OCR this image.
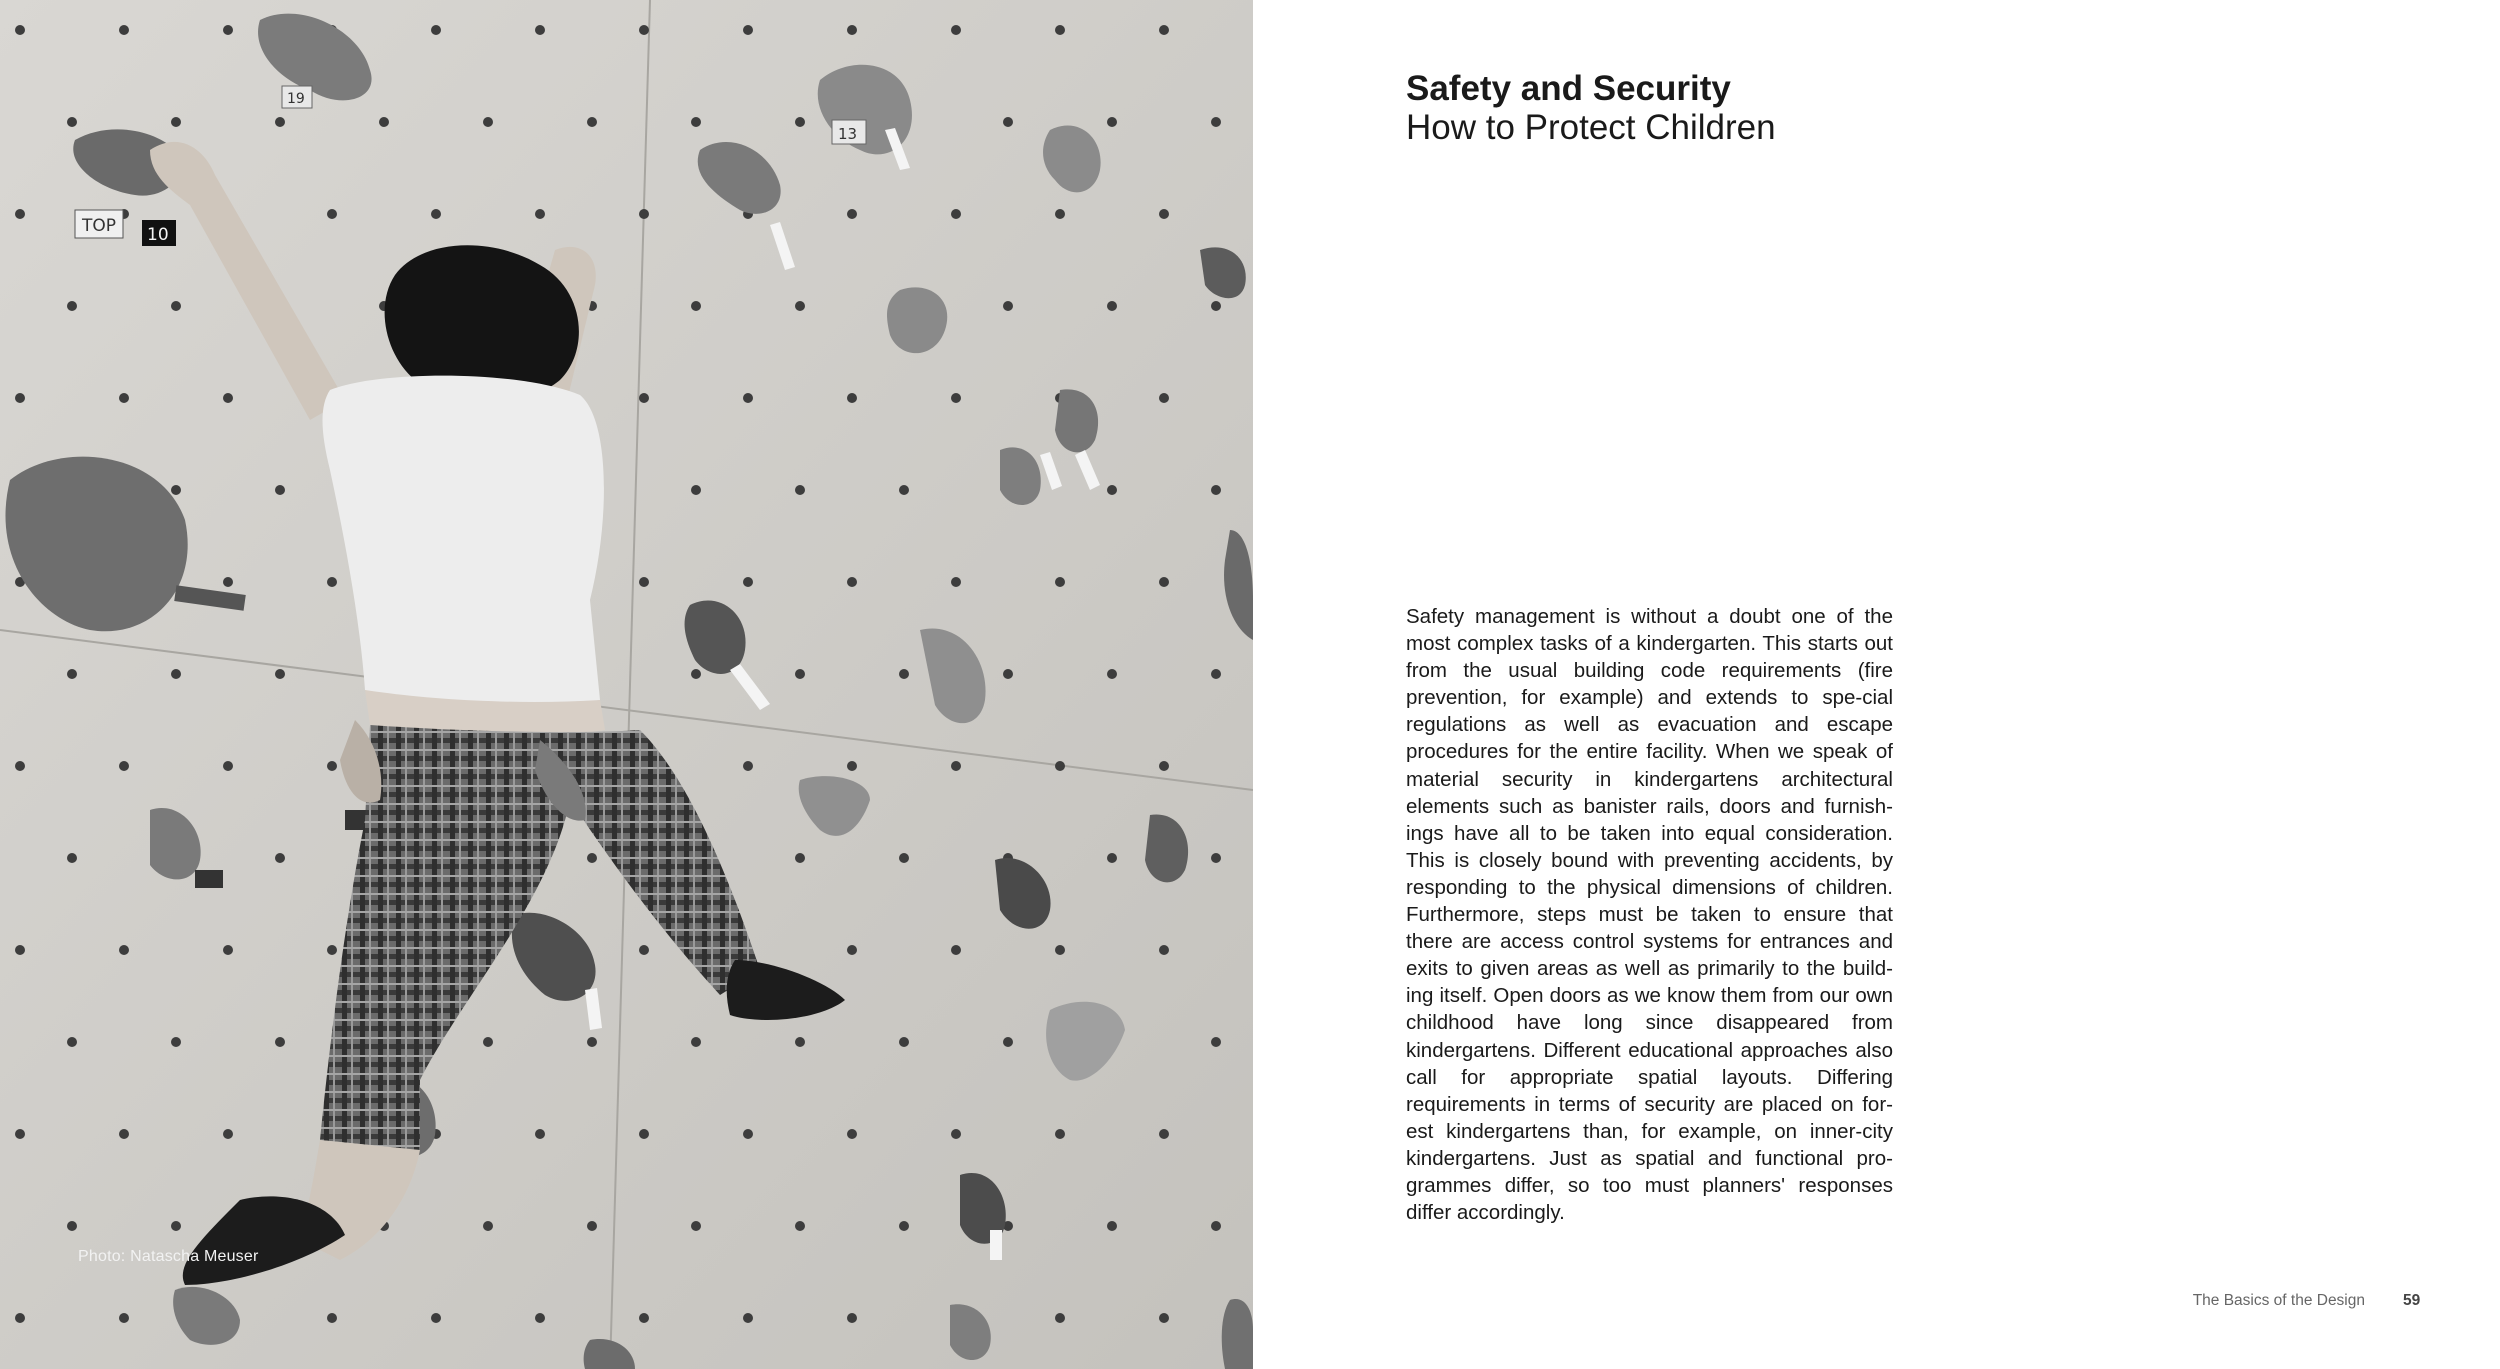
TOP 10
13
19
Photo: Natascha Meuser
Safety and Security
How to Protect Children

Safety management is without a doubt one of the most complex tasks of a kindergarten. This starts out from the usual building code requirements (fire prevention, for example) and extends to spe-cial regulations as well as evacuation and escape procedures for the entire facility. When we speak of material security in kindergartens architectural elements such as banister rails, doors and furnish-ings have all to be taken into equal consideration. This is closely bound with preventing accidents, by responding to the physical dimensions of children. Furthermore, steps must be taken to ensure that there are access control systems for entrances and exits to given areas as well as primarily to the build-ing itself. Open doors as we know them from our own childhood have long since disappeared from kindergartens. Different educational approaches also call for appropriate spatial layouts. Differing requirements in terms of security are placed on for-est kindergartens than, for example, on inner-city kindergartens. Just as spatial and functional pro-grammes differ, so too must planners' responses differ accordingly.

The Basics of the Design 59
